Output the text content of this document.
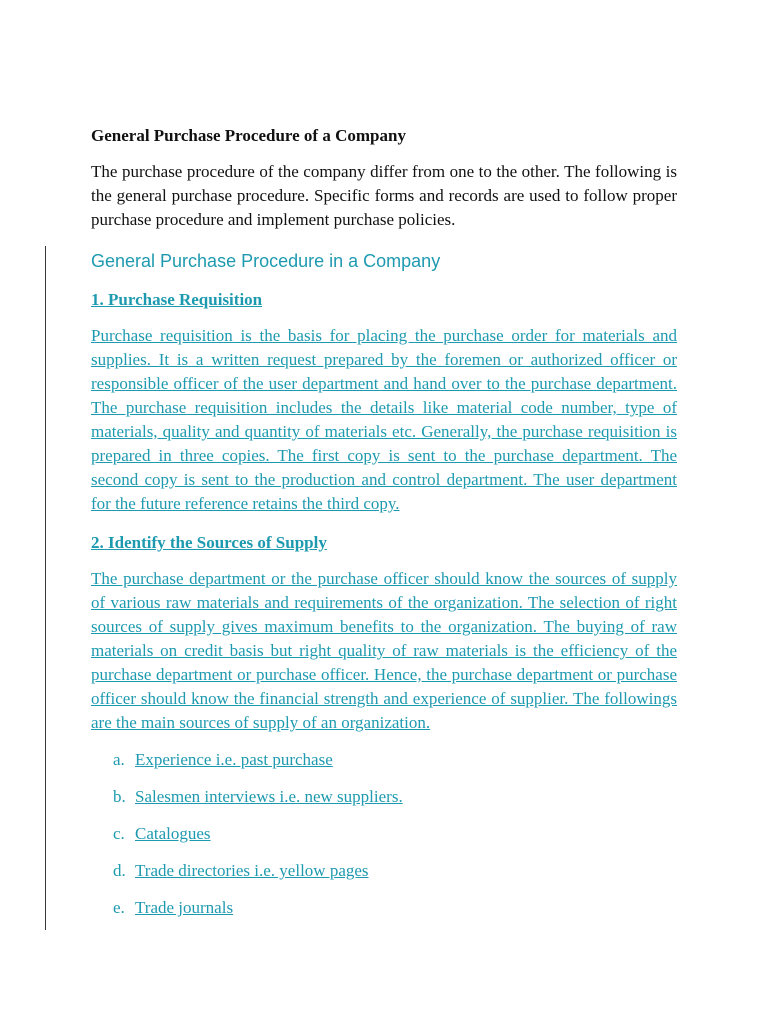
General Purchase Procedure of a Company

The purchase procedure of the company differ from one to the other. The following is the general purchase procedure. Specific forms and records are used to follow proper purchase procedure and implement purchase policies.

General Purchase Procedure in a Company
1. Purchase Requisition

Purchase requisition is the basis for placing the purchase order for materials and supplies. It is a written request prepared by the foremen or authorized officer or responsible officer of the user department and hand over to the purchase department. The purchase requisition includes the details like material code number, type of materials, quality and quantity of materials etc. Generally, the purchase requisition is prepared in three copies. The first copy is sent to the purchase department. The second copy is sent to the production and control department. The user department for the future reference retains the third copy.

2. Identify the Sources of Supply

The purchase department or the purchase officer should know the sources of supply of various raw materials and requirements of the organization. The selection of right sources of supply gives maximum benefits to the organization. The buying of raw materials on credit basis but right quality of raw materials is the efficiency of the purchase department or purchase officer. Hence, the purchase department or purchase officer should know the financial strength and experience of supplier. The followings are the main sources of supply of an organization.

a. Experience i.e. past purchase
b. Salesmen interviews i.e. new suppliers.
c. Catalogues
d. Trade directories i.e. yellow pages
e. Trade journals
